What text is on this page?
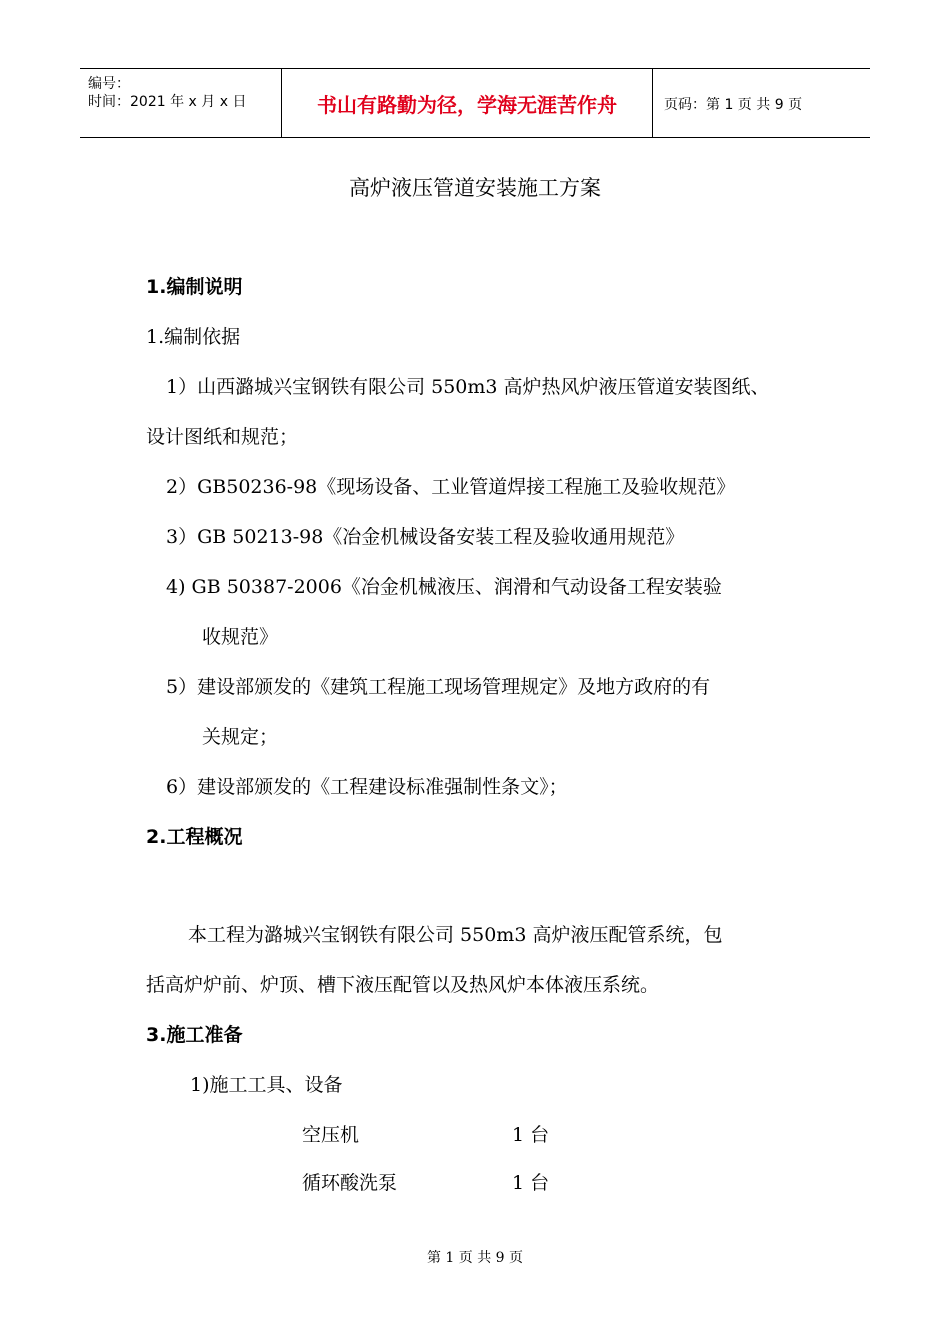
编号：
时间：2021 年 x 月 x 日	书山有路勤为径，学海无涯苦作舟	页码：第 1 页 共 9 页
高炉液压管道安装施工方案
1.编制说明
1.编制依据
1）山西潞城兴宝钢铁有限公司 550m3 高炉热风炉液压管道安装图纸、
设计图纸和规范；
2）GB50236-98《现场设备、工业管道焊接工程施工及验收规范》
3）GB 50213-98《冶金机械设备安装工程及验收通用规范》
4) GB 50387-2006《冶金机械液压、润滑和气动设备工程安装验
收规范》
5）建设部颁发的《建筑工程施工现场管理规定》及地方政府的有
关规定；
6）建设部颁发的《工程建设标准强制性条文》；
2.工程概况
本工程为潞城兴宝钢铁有限公司 550m3 高炉液压配管系统，包
括高炉炉前、炉顶、槽下液压配管以及热风炉本体液压系统。
3.施工准备
1)施工工具、设备
空压机	1 台
循环酸洗泵	1 台
第 1 页 共 9 页
